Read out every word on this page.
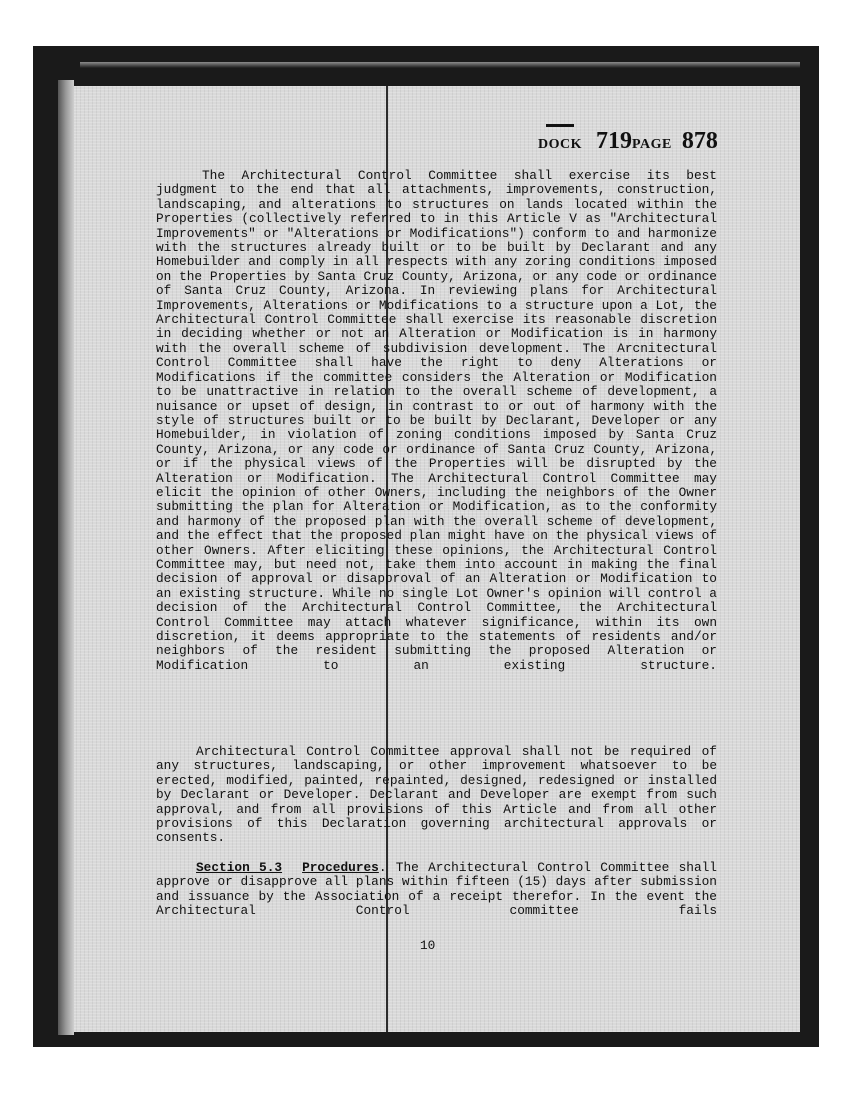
DOCK 719PAGE 878

The Architectural Control Committee shall exercise its best judgment to the end that all attachments, improvements, construction, landscaping, and alterations to structures on lands located within the Properties (collectively referred to in this Article V as "Architectural Improvements" or "Alterations or Modifications") conform to and harmonize with the structures already built or to be built by Declarant and any Homebuilder and comply in all respects with any zoring conditions imposed on the Properties by Santa Cruz County, Arizona, or any code or ordinance of Santa Cruz County, Arizona. In reviewing plans for Architectural Improvements, Alterations or Modifications to a structure upon a Lot, the Architectural Control Committee shall exercise its reasonable discretion in deciding whether or not an Alteration or Modification is in harmony with the overall scheme of subdivision development. The Arcnitectural Control Committee shall have the right to deny Alterations or Modifications if the committee considers the Alteration or Modification to be unattractive in relation to the overall scheme of development, a nuisance or upset of design, in contrast to or out of harmony with the style of structures built or to be built by Declarant, Developer or any Homebuilder, in violation of zoning conditions imposed by Santa Cruz County, Arizona, or any code or ordinance of Santa Cruz County, Arizona, or if the physical views of the Properties will be disrupted by the Alteration or Modification. The Architectural Control Committee may elicit the opinion of other Owners, including the neighbors of the Owner submitting the plan for Alteration or Modification, as to the conformity and harmony of the proposed plan with the overall scheme of development, and the effect that the proposed plan might have on the physical views of other Owners. After eliciting these opinions, the Architectural Control Committee may, but need not, take them into account in making the final decision of approval or disapproval of an Alteration or Modification to an existing structure. While no single Lot Owner's opinion will control a decision of the Architectural Control Committee, the Architectural Control Committee may attach whatever significance, within its own discretion, it deems appropriate to the statements of residents and/or neighbors of the resident submitting the proposed Alteration or Modification to an existing structure.

Architectural Control Committee approval shall not be required of any structures, landscaping, or other improvement whatsoever to be erected, modified, painted, repainted, designed, redesigned or installed by Declarant or Developer. Declarant and Developer are exempt from such approval, and from all provisions of this Article and from all other provisions of this Declaration governing architectural approvals or consents.

Section 5.3 Procedures. The Architectural Control Committee shall approve or disapprove all plans within fifteen (15) days after submission and issuance by the Association of a receipt therefor. In the event the Architectural Control committee fails

10
